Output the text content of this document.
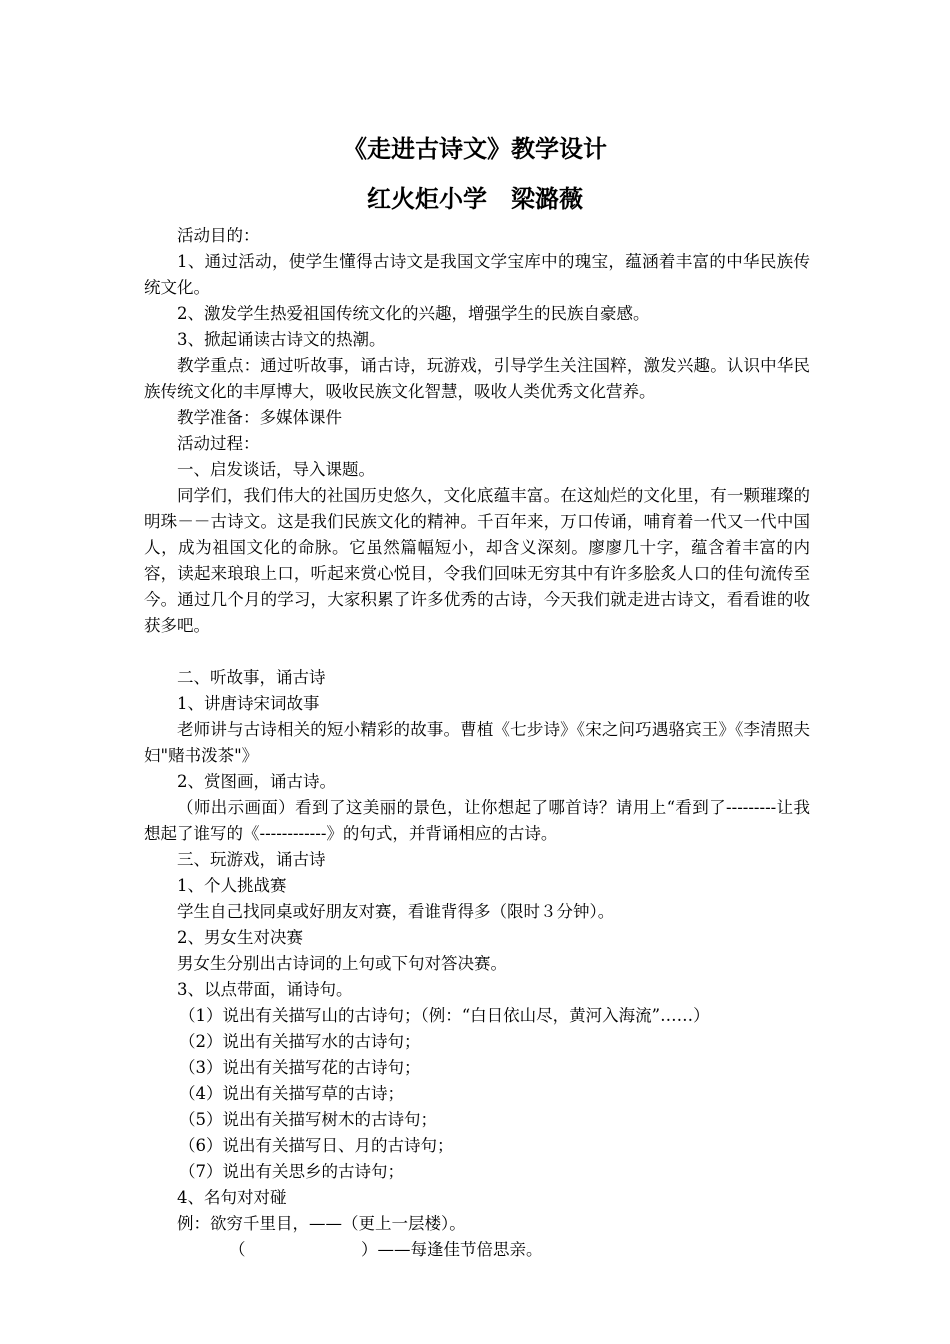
《走进古诗文》教学设计
红火炬小学　梁潞薇

活动目的：

1、通过活动，使学生懂得古诗文是我国文学宝库中的瑰宝，蕴涵着丰富的中华民族传统文化。

2、激发学生热爱祖国传统文化的兴趣，增强学生的民族自豪感。

3、掀起诵读古诗文的热潮。

教学重点：通过听故事，诵古诗，玩游戏，引导学生关注国粹，激发兴趣。认识中华民族传统文化的丰厚博大，吸收民族文化智慧，吸收人类优秀文化营养。

教学准备：多媒体课件

活动过程：

一、启发谈话，导入课题。

同学们，我们伟大的社国历史悠久，文化底蕴丰富。在这灿烂的文化里，有一颗璀璨的明珠－－古诗文。这是我们民族文化的精神。千百年来，万口传诵，哺育着一代又一代中国人，成为祖国文化的命脉。它虽然篇幅短小，却含义深刻。廖廖几十字，蕴含着丰富的内容，读起来琅琅上口，听起来赏心悦目，令我们回味无穷其中有许多脍炙人口的佳句流传至今。通过几个月的学习，大家积累了许多优秀的古诗，今天我们就走进古诗文，看看谁的收获多吧。

二、听故事，诵古诗

1、讲唐诗宋词故事

老师讲与古诗相关的短小精彩的故事。曹植《七步诗》《宋之问巧遇骆宾王》《李清照夫妇"赌书泼茶"》

2、赏图画，诵古诗。

（师出示画面）看到了这美丽的景色，让你想起了哪首诗？请用上“看到了---------让我想起了谁写的《------------》的句式，并背诵相应的古诗。

三、玩游戏，诵古诗

1、个人挑战赛

学生自己找同桌或好朋友对赛，看谁背得多（限时３分钟）。

2、男女生对决赛

男女生分别出古诗词的上句或下句对答决赛。

3、以点带面，诵诗句。

（1）说出有关描写山的古诗句；（例：“白日依山尽，黄河入海流”……）

（2）说出有关描写水的古诗句；

（3）说出有关描写花的古诗句；

（4）说出有关描写草的古诗；

（5）说出有关描写树木的古诗句；

（6）说出有关描写日、月的古诗句；

（7）说出有关思乡的古诗句；

4、名句对对碰

例：欲穷千里目，——（更上一层楼）。

（　　　　　　　）——每逢佳节倍思亲。
